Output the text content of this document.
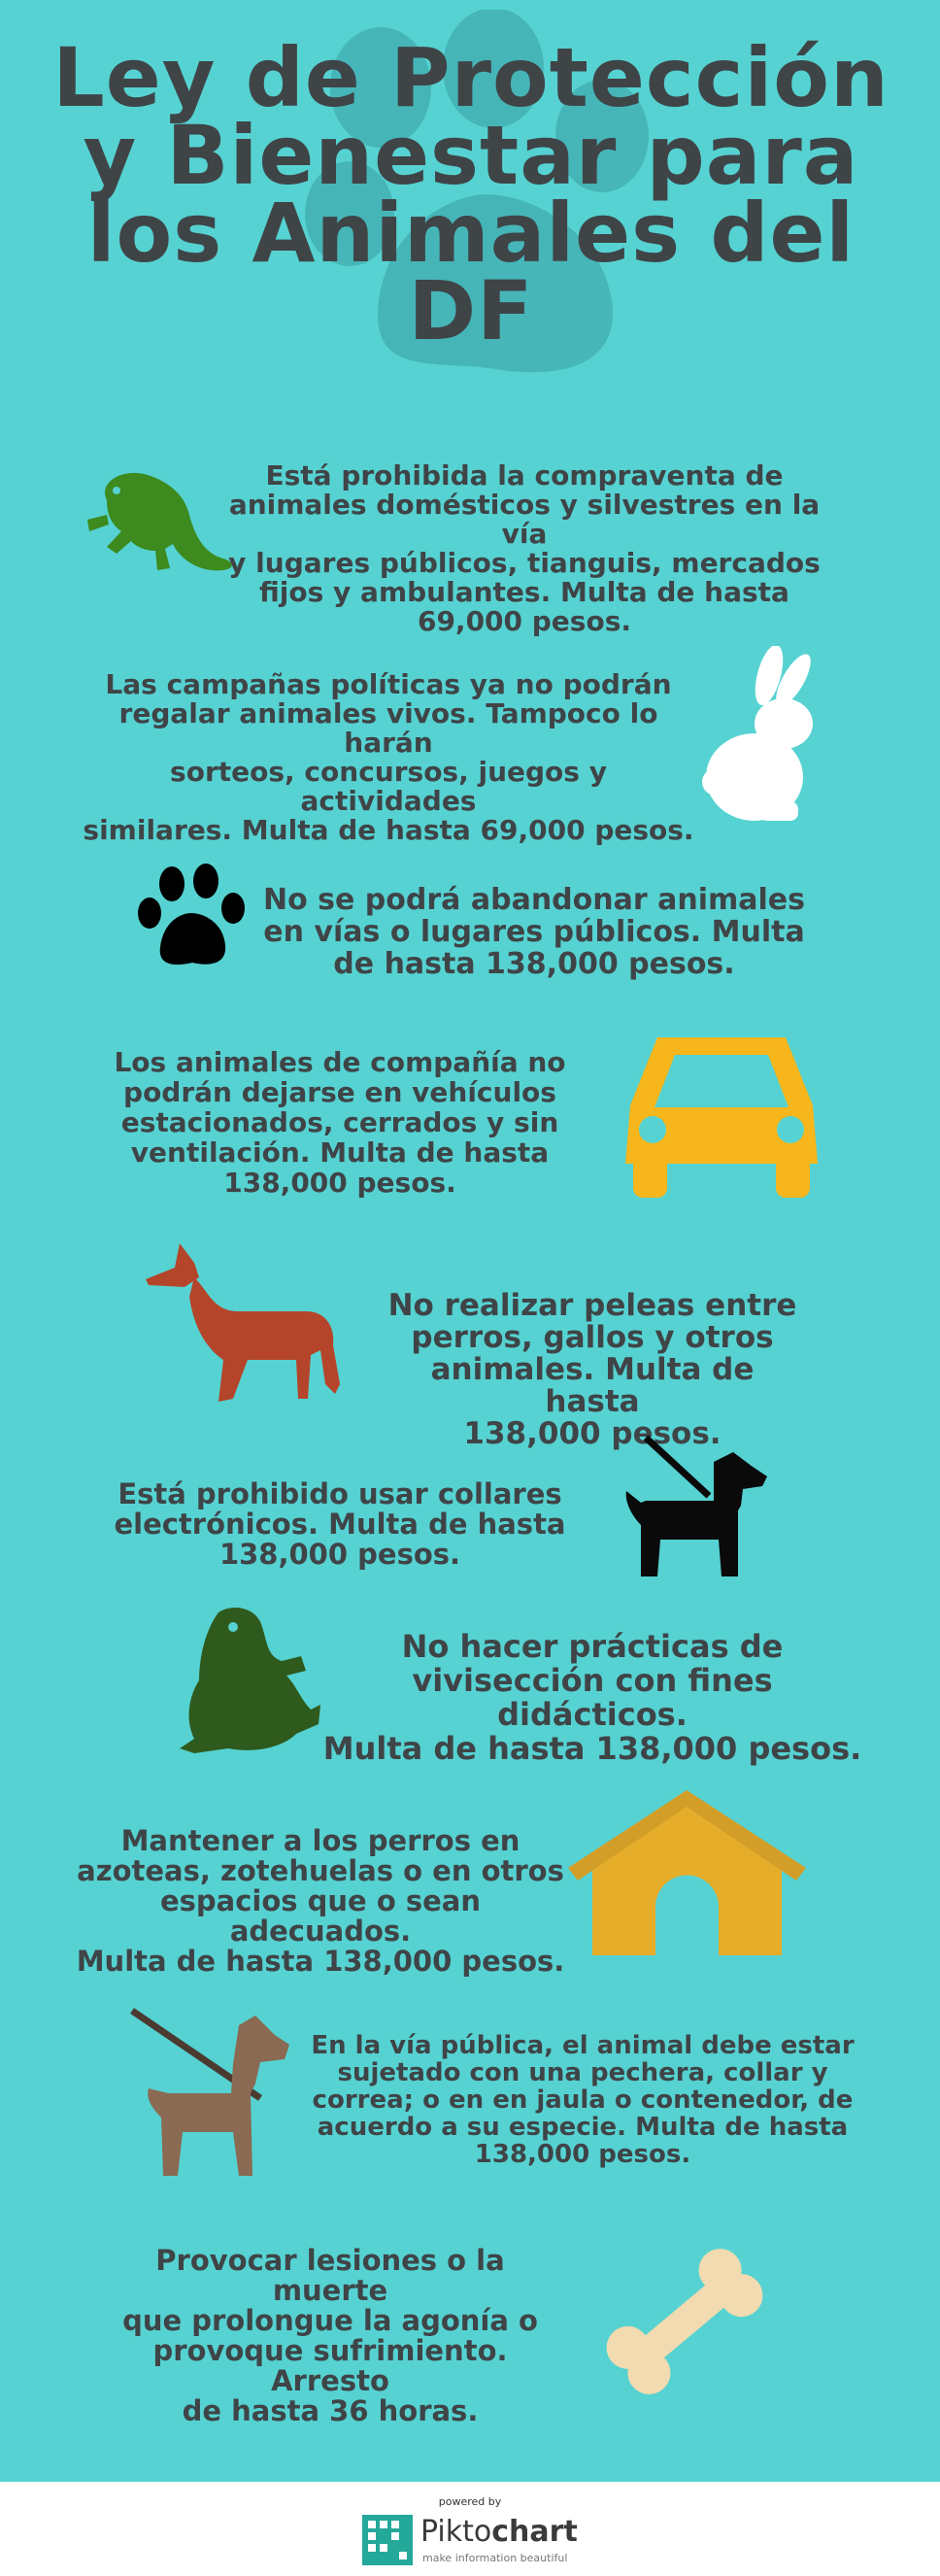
Ley de Protección
y Bienestar para
los Animales del
DF
Está prohibida la compraventa de
animales domésticos y silvestres en la vía
y lugares públicos, tianguis, mercados
fijos y ambulantes. Multa de hasta
69,000 pesos.
Las campañas políticas ya no podrán
regalar animales vivos. Tampoco lo harán
sorteos, concursos, juegos y actividades
similares. Multa de hasta 69,000 pesos.
No se podrá abandonar animales
en vías o lugares públicos. Multa
de hasta 138,000 pesos.
Los animales de compañía no
podrán dejarse en vehículos
estacionados, cerrados y sin
ventilación. Multa de hasta
138,000 pesos.
No realizar peleas entre
perros, gallos y otros
animales. Multa de hasta
138,000 pesos.
Está prohibido usar collares
electrónicos. Multa de hasta
138,000 pesos.
No hacer prácticas de
vivisección con fines didácticos.
Multa de hasta 138,000 pesos.
Mantener a los perros en
azoteas, zotehuelas o en otros
espacios que o sean adecuados.
Multa de hasta 138,000 pesos.
En la vía pública, el animal debe estar
sujetado con una pechera, collar y
correa; o en en jaula o contenedor, de
acuerdo a su especie. Multa de hasta
138,000 pesos.
Provocar lesiones o la muerte
que prolongue la agonía o
provoque sufrimiento. Arresto
de hasta 36 horas.
powered by
Piktochart
make information beautiful
